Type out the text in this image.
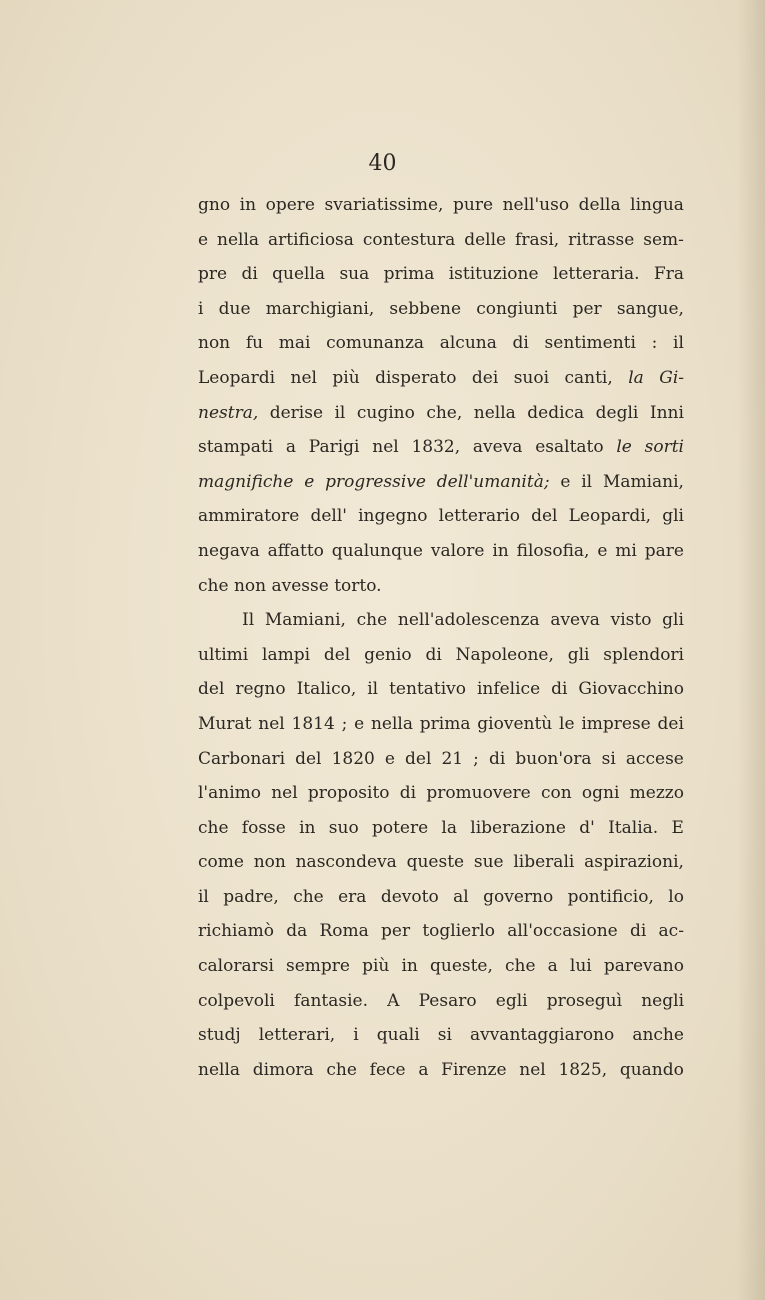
40
gno in opere svariatissime, pure nell'uso della lingua
e nella artificiosa contestura delle frasi, ritrasse sem-
pre di quella sua prima istituzione letteraria. Fra
i due marchigiani, sebbene congiunti per sangue,
non fu mai comunanza alcuna di sentimenti : il
Leopardi nel più disperato dei suoi canti, la Gi-
nestra, derise il cugino che, nella dedica degli Inni
stampati a Parigi nel 1832, aveva esaltato le sorti
magnifiche e progressive dell'umanità; e il Mamiani,
ammiratore dell' ingegno letterario del Leopardi, gli
negava affatto qualunque valore in filosofia, e mi pare
che
non
avesse
torto.
Il Mamiani, che nell'adolescenza aveva visto gli
ultimi lampi del genio di Napoleone, gli splendori
del regno Italico, il tentativo infelice di Giovacchino
Murat nel 1814 ; e nella prima gioventù le imprese dei
Carbonari del 1820 e del 21 ; di buon'ora si accese
l'animo nel proposito di promuovere con ogni mezzo
che fosse in suo potere la liberazione d' Italia. E
come non nascondeva queste sue liberali aspirazioni,
il padre, che era devoto al governo pontificio, lo
richiamò da Roma per toglierlo all'occasione di ac-
calorarsi sempre più in queste, che a lui parevano
colpevoli fantasie. A Pesaro egli proseguì negli
studj letterari, i quali si avvantaggiarono anche
nella dimora che fece a Firenze nel 1825, quando
